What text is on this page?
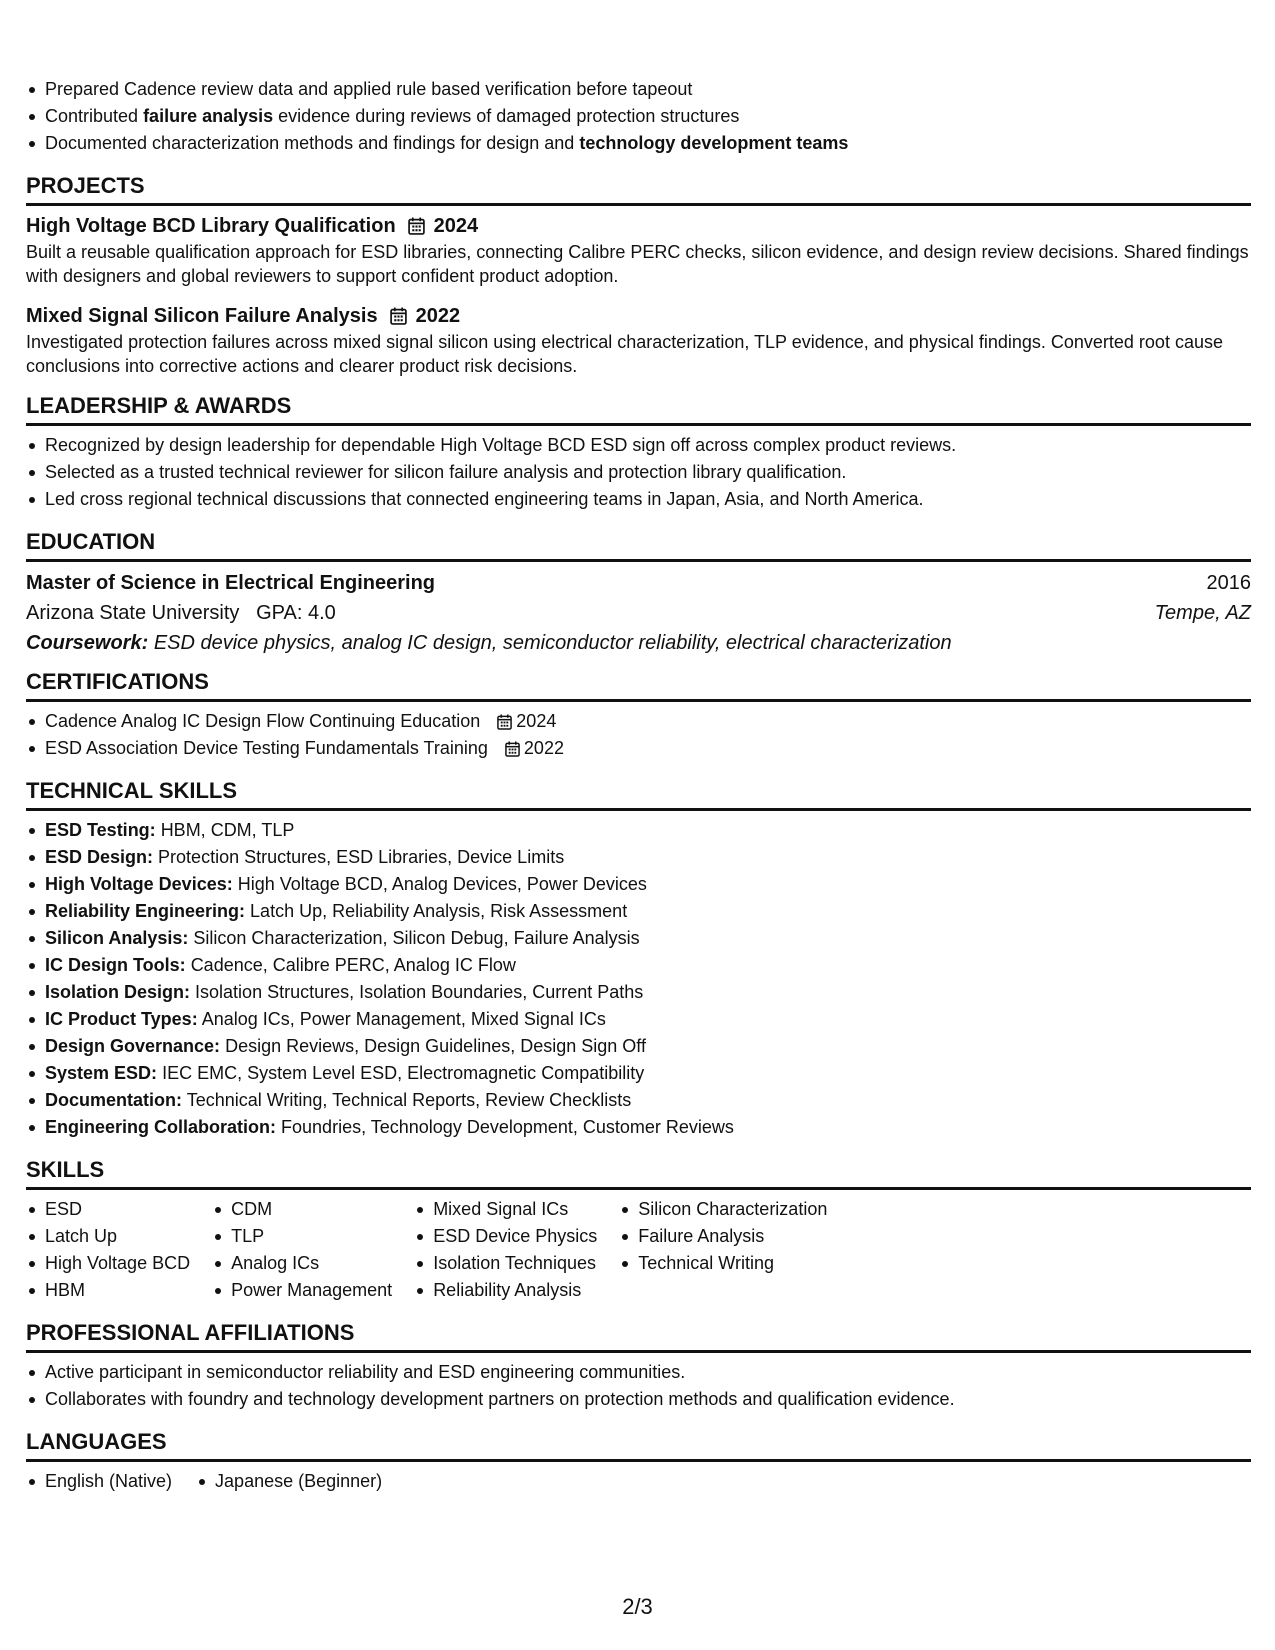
Prepared Cadence review data and applied rule based verification before tapeout
Contributed failure analysis evidence during reviews of damaged protection structures
Documented characterization methods and findings for design and technology development teams
PROJECTS
High Voltage BCD Library Qualification 2024
Built a reusable qualification approach for ESD libraries, connecting Calibre PERC checks, silicon evidence, and design review decisions. Shared findings with designers and global reviewers to support confident product adoption.
Mixed Signal Silicon Failure Analysis 2022
Investigated protection failures across mixed signal silicon using electrical characterization, TLP evidence, and physical findings. Converted root cause conclusions into corrective actions and clearer product risk decisions.
LEADERSHIP & AWARDS
Recognized by design leadership for dependable High Voltage BCD ESD sign off across complex product reviews.
Selected as a trusted technical reviewer for silicon failure analysis and protection library qualification.
Led cross regional technical discussions that connected engineering teams in Japan, Asia, and North America.
EDUCATION
Master of Science in Electrical Engineering	2016
Arizona State University GPA: 4.0	Tempe, AZ
Coursework: ESD device physics, analog IC design, semiconductor reliability, electrical characterization
CERTIFICATIONS
Cadence Analog IC Design Flow Continuing Education 2024
ESD Association Device Testing Fundamentals Training 2022
TECHNICAL SKILLS
ESD Testing: HBM, CDM, TLP
ESD Design: Protection Structures, ESD Libraries, Device Limits
High Voltage Devices: High Voltage BCD, Analog Devices, Power Devices
Reliability Engineering: Latch Up, Reliability Analysis, Risk Assessment
Silicon Analysis: Silicon Characterization, Silicon Debug, Failure Analysis
IC Design Tools: Cadence, Calibre PERC, Analog IC Flow
Isolation Design: Isolation Structures, Isolation Boundaries, Current Paths
IC Product Types: Analog ICs, Power Management, Mixed Signal ICs
Design Governance: Design Reviews, Design Guidelines, Design Sign Off
System ESD: IEC EMC, System Level ESD, Electromagnetic Compatibility
Documentation: Technical Writing, Technical Reports, Review Checklists
Engineering Collaboration: Foundries, Technology Development, Customer Reviews
SKILLS
ESD
Latch Up
High Voltage BCD
HBM
CDM
TLP
Analog ICs
Power Management
Mixed Signal ICs
ESD Device Physics
Isolation Techniques
Reliability Analysis
Silicon Characterization
Failure Analysis
Technical Writing
PROFESSIONAL AFFILIATIONS
Active participant in semiconductor reliability and ESD engineering communities.
Collaborates with foundry and technology development partners on protection methods and qualification evidence.
LANGUAGES
English (Native)	Japanese (Beginner)
2/3
